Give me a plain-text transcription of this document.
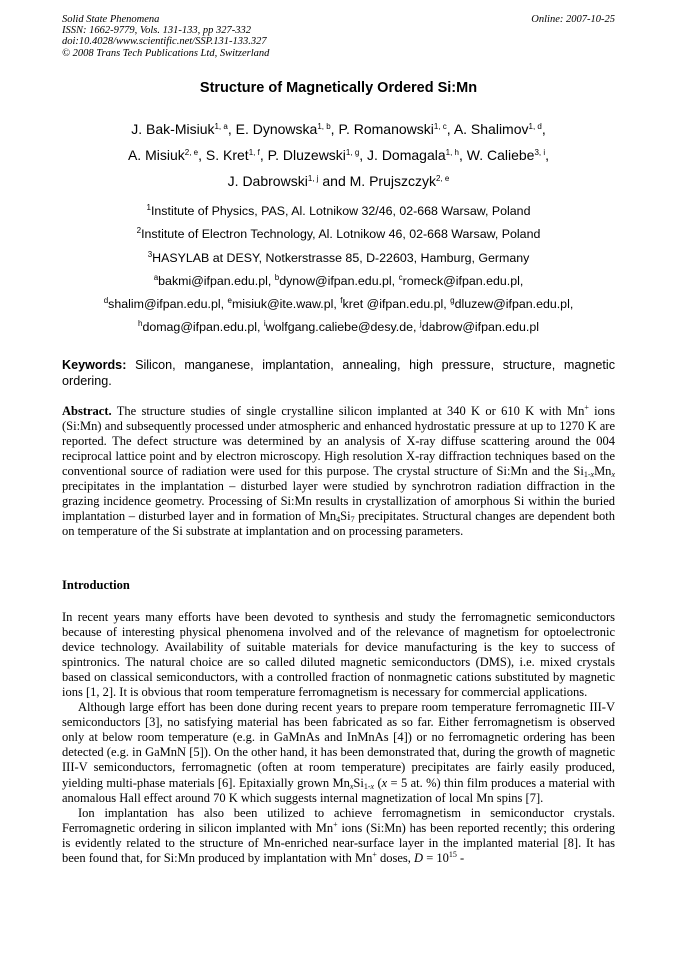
Solid State Phenomena
ISSN: 1662-9779, Vols. 131-133, pp 327-332
doi:10.4028/www.scientific.net/SSP.131-133.327
© 2008 Trans Tech Publications Ltd, Switzerland
Online: 2007-10-25
Structure of Magnetically Ordered Si:Mn
J. Bak-Misiuk$^{1, a}$, E. Dynowska$^{1, b}$, P. Romanowski$^{1, c}$, A. Shalimov$^{1, d}$,
A. Misiuk$^{2, e}$, S. Kret$^{1, f}$, P. Dluzewski$^{1, g}$, J. Domagala$^{1, h}$, W. Caliebe$^{3, i}$,
J. Dabrowski$^{1, j}$ and M. Prujszczyk$^{2, e}$
$^1$Institute of Physics, PAS, Al. Lotnikow 32/46, 02-668 Warsaw, Poland
$^2$Institute of Electron Technology, Al. Lotnikow 46, 02-668 Warsaw, Poland
$^3$HASYLAB at DESY, Notkerstrasse 85, D-22603, Hamburg, Germany
$^a$bakmi@ifpan.edu.pl, $^b$dynow@ifpan.edu.pl, $^c$romeck@ifpan.edu.pl,
$^d$shalim@ifpan.edu.pl, $^e$misiuk@ite.waw.pl, $^f$kret @ifpan.edu.pl, $^g$dluzew@ifpan.edu.pl,
$^h$domag@ifpan.edu.pl, $^i$wolfgang.caliebe@desy.de, $^j$dabrow@ifpan.edu.pl
Keywords: Silicon, manganese, implantation, annealing, high pressure, structure, magnetic ordering.
Abstract. The structure studies of single crystalline silicon implanted at 340 K or 610 K with Mn+ ions (Si:Mn) and subsequently processed under atmospheric and enhanced hydrostatic pressure at up to 1270 K are reported. The defect structure was determined by an analysis of X-ray diffuse scattering around the 004 reciprocal lattice point and by electron microscopy. High resolution X-ray diffraction techniques based on the conventional source of radiation were used for this purpose. The crystal structure of Si:Mn and the $Si_{1-x}Mn_x$ precipitates in the implantation – disturbed layer were studied by synchrotron radiation diffraction in the grazing incidence geometry. Processing of Si:Mn results in crystallization of amorphous Si within the buried implantation – disturbed layer and in formation of $Mn_4Si_7$ precipitates. Structural changes are dependent both on temperature of the Si substrate at implantation and on processing parameters.
Introduction

In recent years many efforts have been devoted to synthesis and study the ferromagnetic semiconductors because of interesting physical phenomena involved and of the relevance of magnetism for optoelectronic device technology. Availability of suitable materials for device manufacturing is the key to success of spintronics. The natural choice are so called diluted magnetic semiconductors (DMS), i.e. mixed crystals based on classical semiconductors, with a controlled fraction of nonmagnetic cations substituted by magnetic ions [1, 2]. It is obvious that room temperature ferromagnetism is necessary for commercial applications.

Although large effort has been done during recent years to prepare room temperature ferromagnetic III-V semiconductors [3], no satisfying material has been fabricated as so far. Either ferromagnetism is observed only at below room temperature (e.g. in GaMnAs and InMnAs [4]) or no ferromagnetic ordering has been detected (e.g. in GaMnN [5]). On the other hand, it has been demonstrated that, during the growth of magnetic III-V semiconductors, ferromagnetic (often at room temperature) precipitates are fairly easily produced, yielding multi-phase materials [6]. Epitaxially grown $Mn_xSi_{1-x}$ (x = 5 at. %) thin film produces a material with anomalous Hall effect around 70 K which suggests internal magnetization of local Mn spins [7].

Ion implantation has also been utilized to achieve ferromagnetism in semiconductor crystals. Ferromagnetic ordering in silicon implanted with Mn+ ions (Si:Mn) has been reported recently; this ordering is evidently related to the structure of Mn-enriched near-surface layer in the implanted material [8]. It has been found that, for Si:Mn produced by implantation with Mn+ doses, $D = 10^{15}$ -
